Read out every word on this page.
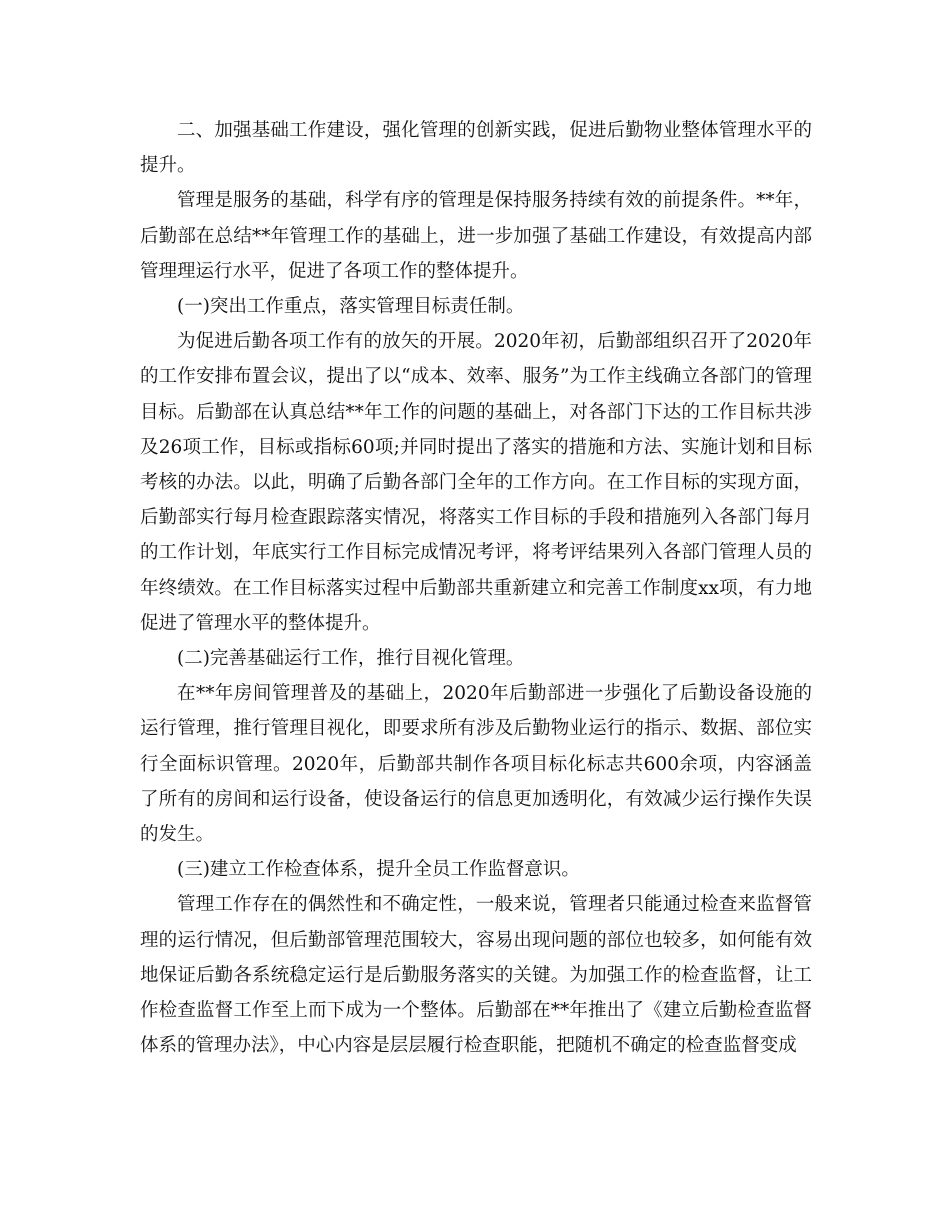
二、加强基础工作建设，强化管理的创新实践，促进后勤物业整体管理水平的提升。

管理是服务的基础，科学有序的管理是保持服务持续有效的前提条件。**年，后勤部在总结**年管理工作的基础上，进一步加强了基础工作建设，有效提高内部管理理运行水平，促进了各项工作的整体提升。

(一)突出工作重点，落实管理目标责任制。

为促进后勤各项工作有的放矢的开展。2020年初，后勤部组织召开了2020年的工作安排布置会议，提出了以“成本、效率、服务”为工作主线确立各部门的管理目标。后勤部在认真总结**年工作的问题的基础上，对各部门下达的工作目标共涉及26项工作，目标或指标60项;并同时提出了落实的措施和方法、实施计划和目标考核的办法。以此，明确了后勤各部门全年的工作方向。在工作目标的实现方面，后勤部实行每月检查跟踪落实情况，将落实工作目标的手段和措施列入各部门每月的工作计划，年底实行工作目标完成情况考评，将考评结果列入各部门管理人员的年终绩效。在工作目标落实过程中后勤部共重新建立和完善工作制度xx项，有力地促进了管理水平的整体提升。

(二)完善基础运行工作，推行目视化管理。

在**年房间管理普及的基础上，2020年后勤部进一步强化了后勤设备设施的运行管理，推行管理目视化，即要求所有涉及后勤物业运行的指示、数据、部位实行全面标识管理。2020年，后勤部共制作各项目标化标志共600余项，内容涵盖了所有的房间和运行设备，使设备运行的信息更加透明化，有效减少运行操作失误的发生。

(三)建立工作检查体系，提升全员工作监督意识。

管理工作存在的偶然性和不确定性，一般来说，管理者只能通过检查来监督管理的运行情况，但后勤部管理范围较大，容易出现问题的部位也较多，如何能有效地保证后勤各系统稳定运行是后勤服务落实的关键。为加强工作的检查监督，让工作检查监督工作至上而下成为一个整体。后勤部在**年推出了《建立后勤检查监督体系的管理办法》，中心内容是层层履行检查职能，把随机不确定的检查监督变成
